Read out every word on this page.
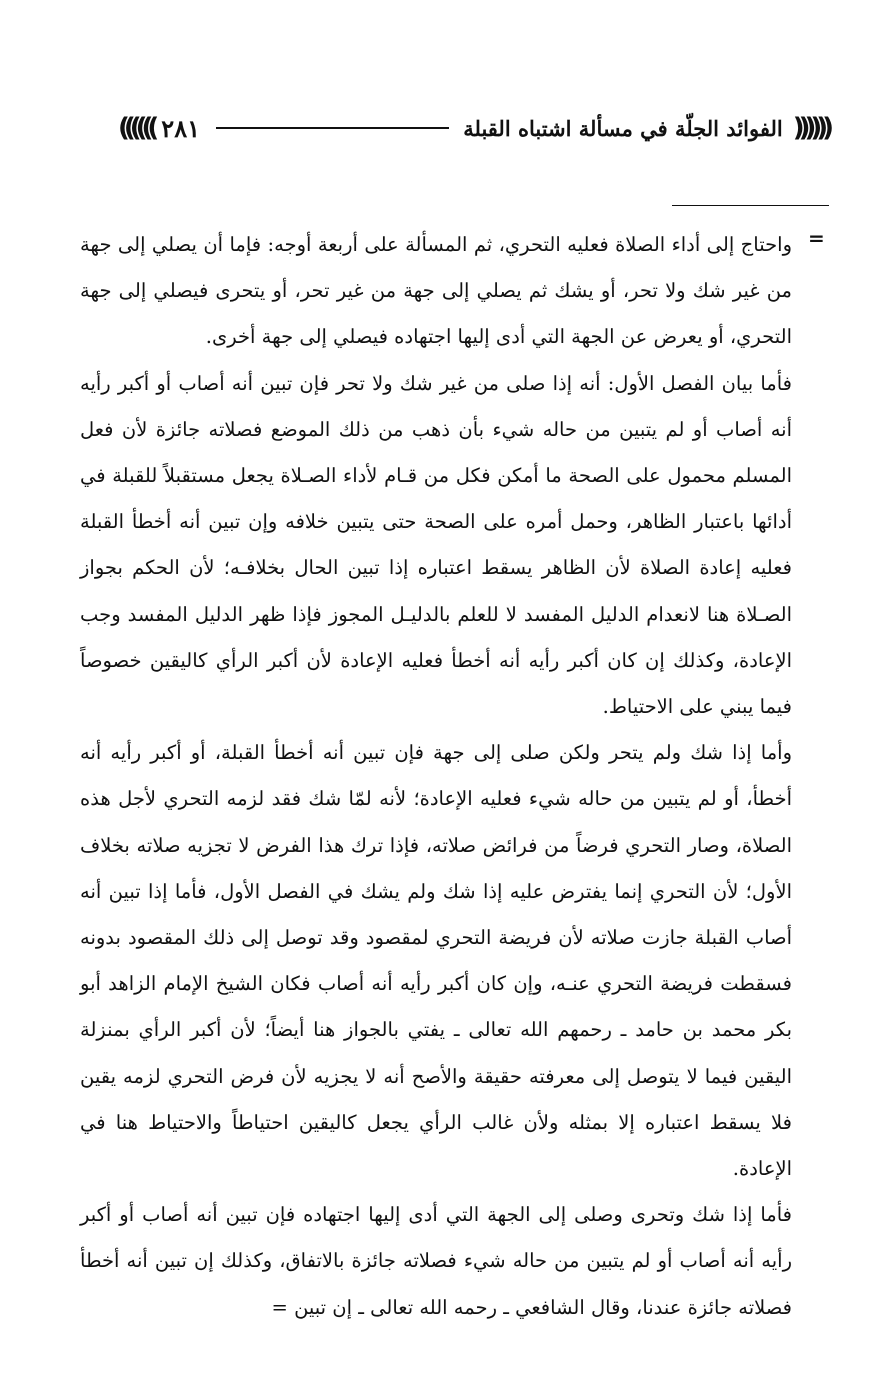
((((((
الفوائد الجلّة في مسألة اشتباه القبلة
٢٨١
))))))
=

واحتاج إلى أداء الصلاة فعليه التحري، ثم المسألة على أربعة أوجه: فإما أن يصلي إلى جهة من غير شك ولا تحر، أو يشك ثم يصلي إلى جهة من غير تحر، أو يتحرى فيصلي إلى جهة التحري، أو يعرض عن الجهة التي أدى إليها اجتهاده فيصلي إلى جهة أخرى.

فأما بيان الفصل الأول: أنه إذا صلى من غير شك ولا تحر فإن تبين أنه أصاب أو أكبر رأيه أنه أصاب أو لم يتبين من حاله شيء بأن ذهب من ذلك الموضع فصلاته جائزة لأن فعل المسلم محمول على الصحة ما أمكن فكل من قـام لأداء الصـلاة يجعل مستقبلاً للقبلة في أدائها باعتبار الظاهر، وحمل أمره على الصحة حتى يتبين خلافه وإن تبين أنه أخطأ القبلة فعليه إعادة الصلاة لأن الظاهر يسقط اعتباره إذا تبين الحال بخلافـه؛ لأن الحكم بجواز الصـلاة هنا لانعدام الدليل المفسد لا للعلم بالدليـل المجوز فإذا ظهر الدليل المفسد وجب الإعادة، وكذلك إن كان أكبر رأيه أنه أخطأ فعليه الإعادة لأن أكبر الرأي كاليقين خصوصاً فيما يبني على الاحتياط.

وأما إذا شك ولم يتحر ولكن صلى إلى جهة فإن تبين أنه أخطأ القبلة، أو أكبر رأيه أنه أخطأ، أو لم يتبين من حاله شيء فعليه الإعادة؛ لأنه لمّا شك فقد لزمه التحري لأجل هذه الصلاة، وصار التحري فرضاً من فرائض صلاته، فإذا ترك هذا الفرض لا تجزيه صلاته بخلاف الأول؛ لأن التحري إنما يفترض عليه إذا شك ولم يشك في الفصل الأول، فأما إذا تبين أنه أصاب القبلة جازت صلاته لأن فريضة التحري لمقصود وقد توصل إلى ذلك المقصود بدونه فسقطت فريضة التحري عنـه، وإن كان أكبر رأيه أنه أصاب فكان الشيخ الإمام الزاهد أبو بكر محمد بن حامد ـ رحمهم الله تعالى ـ يفتي بالجواز هنا أيضاً؛ لأن أكبر الرأي بمنزلة اليقين فيما لا يتوصل إلى معرفته حقيقة والأصح أنه لا يجزيه لأن فرض التحري لزمه يقين فلا يسقط اعتباره إلا بمثله ولأن غالب الرأي يجعل كاليقين احتياطاً والاحتياط هنا في الإعادة.

فأما إذا شك وتحرى وصلى إلى الجهة التي أدى إليها اجتهاده فإن تبين أنه أصاب أو أكبر رأيه أنه أصاب أو لم يتبين من حاله شيء فصلاته جائزة بالاتفاق، وكذلك إن تبين أنه أخطأ فصلاته جائزة عندنا، وقال الشافعي ـ رحمه الله تعالى ـ إن تبين =
